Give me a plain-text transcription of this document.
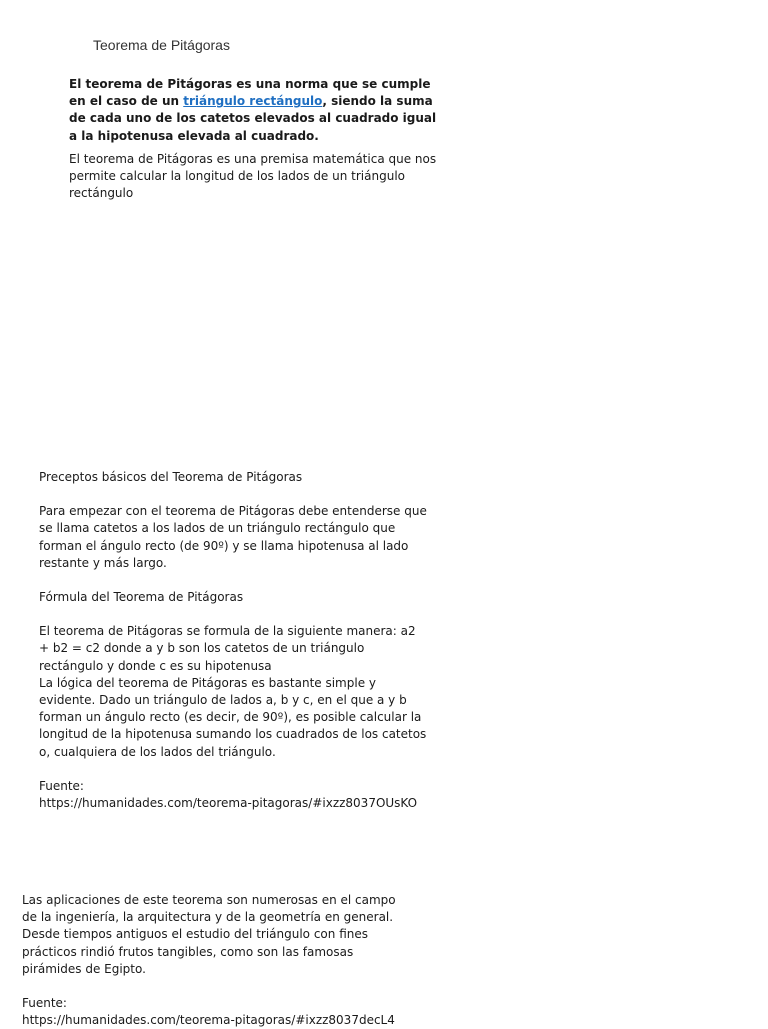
Teorema de Pitágoras

El teorema de Pitágoras es una norma que se cumple en el caso de un triángulo rectángulo, siendo la suma de cada uno de los catetos elevados al cuadrado igual a la hipotenusa elevada al cuadrado.

El teorema de Pitágoras es una premisa matemática que nos permite calcular la longitud de los lados de un triángulo rectángulo

Preceptos básicos del Teorema de Pitágoras

Para empezar con el teorema de Pitágoras debe entenderse que se llama catetos a los lados de un triángulo rectángulo que forman el ángulo recto (de 90º) y se llama hipotenusa al lado restante y más largo.

Fórmula del Teorema de Pitágoras

El teorema de Pitágoras se formula de la siguiente manera: a2 + b2 = c2 donde a y b son los catetos de un triángulo rectángulo y donde c es su hipotenusa

La lógica del teorema de Pitágoras es bastante simple y evidente. Dado un triángulo de lados a, b y c, en el que a y b forman un ángulo recto (es decir, de 90º), es posible calcular la longitud de la hipotenusa sumando los cuadrados de los catetos o, cualquiera de los lados del triángulo.

Fuente:

https://humanidades.com/teorema-pitagoras/#ixzz8037OUsKO

Las aplicaciones de este teorema son numerosas en el campo de la ingeniería, la arquitectura y de la geometría en general. Desde tiempos antiguos el estudio del triángulo con fines prácticos rindió frutos tangibles, como son las famosas pirámides de Egipto.

Fuente:

https://humanidades.com/teorema-pitagoras/#ixzz8037decL4
